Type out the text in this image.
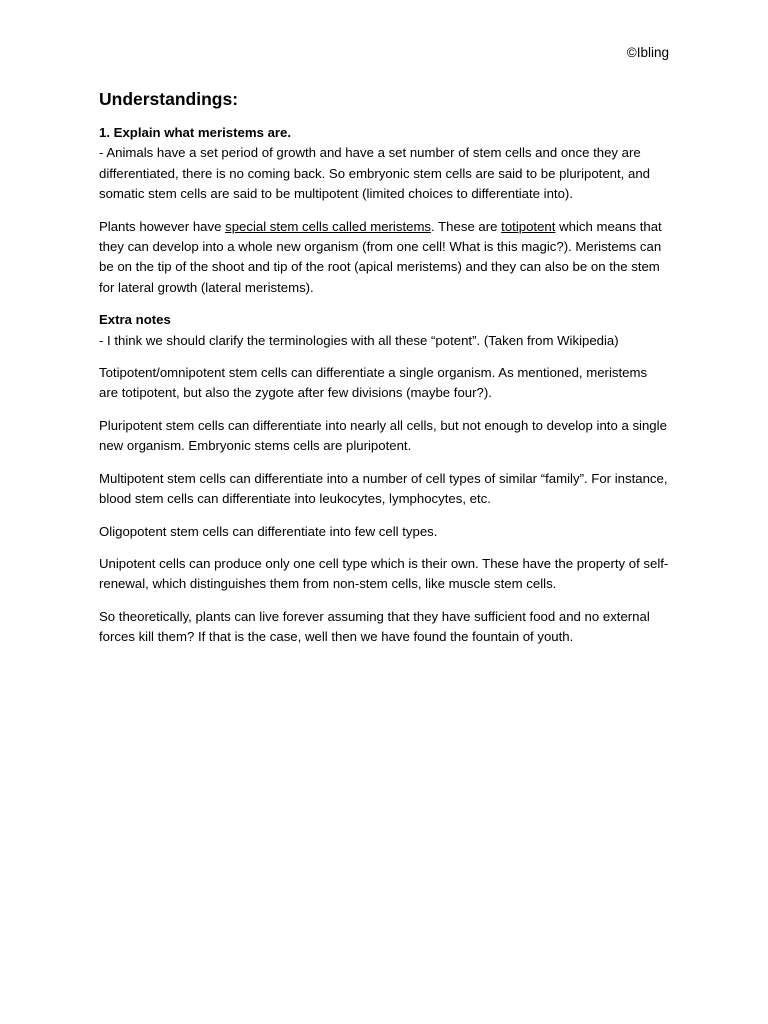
©Ibling
Understandings:

1. Explain what meristems are.
- Animals have a set period of growth and have a set number of stem cells and once they are differentiated, there is no coming back. So embryonic stem cells are said to be pluripotent, and somatic stem cells are said to be multipotent (limited choices to differentiate into).

Plants however have special stem cells called meristems. These are totipotent which means that they can develop into a whole new organism (from one cell! What is this magic?). Meristems can be on the tip of the shoot and tip of the root (apical meristems) and they can also be on the stem for lateral growth (lateral meristems).

Extra notes
- I think we should clarify the terminologies with all these “potent”. (Taken from Wikipedia)

Totipotent/omnipotent stem cells can differentiate a single organism. As mentioned, meristems are totipotent, but also the zygote after few divisions (maybe four?).

Pluripotent stem cells can differentiate into nearly all cells, but not enough to develop into a single new organism. Embryonic stems cells are pluripotent.

Multipotent stem cells can differentiate into a number of cell types of similar “family”. For instance, blood stem cells can differentiate into leukocytes, lymphocytes, etc.

Oligopotent stem cells can differentiate into few cell types.

Unipotent cells can produce only one cell type which is their own. These have the property of self-renewal, which distinguishes them from non-stem cells, like muscle stem cells.

So theoretically, plants can live forever assuming that they have sufficient food and no external forces kill them? If that is the case, well then we have found the fountain of youth.
